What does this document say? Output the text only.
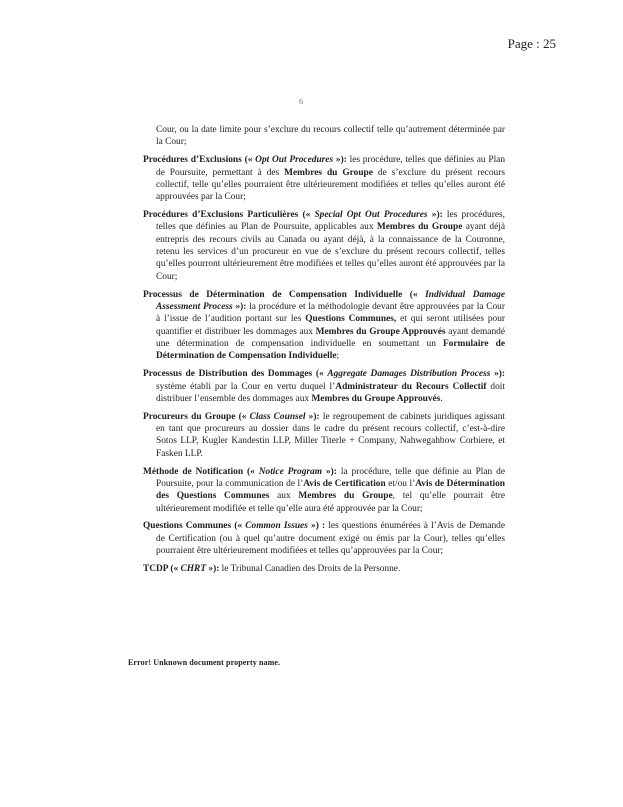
Page : 25
6

Cour, ou la date limite pour s’exclure du recours collectif telle qu’autrement déterminée par la Cour;

Procédures d’Exclusions (« Opt Out Procedures »): les procédure, telles que définies au Plan de Poursuite, permettant à des Membres du Groupe de s’exclure du présent recours collectif, telle qu’elles pourraient être ultérieurement modifiées et telles qu’elles auront été approuvées par la Cour;

Procédures d’Exclusions Particulières (« Special Opt Out Procedures »): les procédures, telles que définies au Plan de Poursuite, applicables aux Membres du Groupe ayant déjà entrepris des recours civils au Canada ou ayant déjà, à la connaissance de la Couronne, retenu les services d’un procureur en vue de s’exclure du présent recours collectif, telles qu’elles pourront ultérieurement être modifiées et telles qu’elles auront été approuvées par la Cour;

Processus de Détermination de Compensation Individuelle (« Individual Damage Assessment Process »): la procédure et la méthodologie devant être approuvées par la Cour à l’issue de l’audition portant sur les Questions Communes, et qui seront utilisées pour quantifier et distribuer les dommages aux Membres du Groupe Approuvés ayant demandé une détermination de compensation individuelle en soumettant un Formulaire de Détermination de Compensation Individuelle;

Processus de Distribution des Dommages (« Aggregate Damages Distribution Process »): système établi par la Cour en vertu duquel l’Administrateur du Recours Collectif doit distribuer l’ensemble des dommages aux Membres du Groupe Approuvés.

Procureurs du Groupe (« Class Counsel »): le regroupement de cabinets juridiques agissant en tant que procureurs au dossier dans le cadre du présent recours collectif, c’est-à-dire Sotos LLP, Kugler Kandestin LLP, Miller Titerle + Company, Nahwegahbow Corbiere, et Fasken LLP.

Méthode de Notification (« Notice Program »): la procédure, telle que définie au Plan de Poursuite, pour la communication de l’Avis de Certification et/ou l’Avis de Détermination des Questions Communes aux Membres du Groupe, tel qu’elle pourrait être ultérieurement modifiée et telle qu’elle aura été approuvée par la Cour;

Questions Communes (« Common Issues ») : les questions énumérées à l’Avis de Demande de Certification (ou à quel qu’autre document exigé ou émis par la Cour), telles qu’elles pourraient être ultérieurement modifiées et telles qu’approuvées par la Cour;

TCDP (« CHRT »): le Tribunal Canadien des Droits de la Personne.

Error! Unknown document property name.
